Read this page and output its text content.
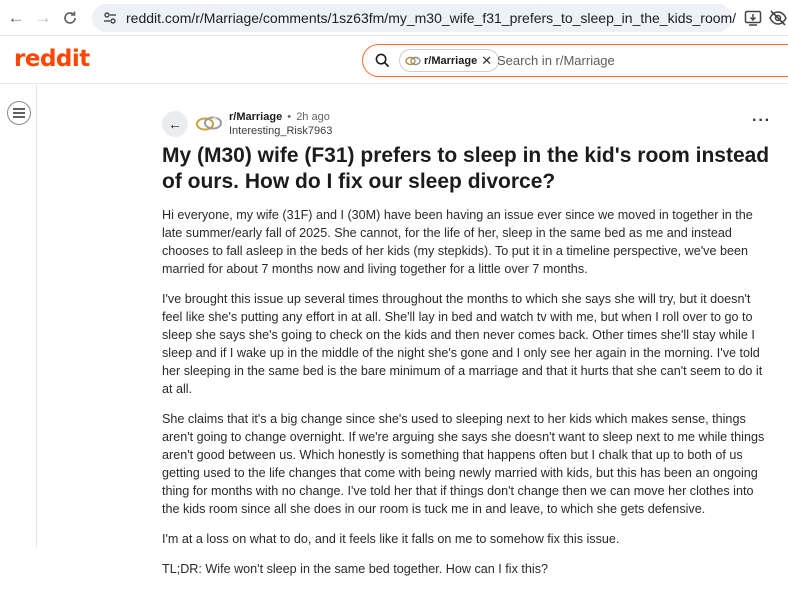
← →	reddit.com/r/Marriage/comments/1sz63fm/my_m30_wife_f31_prefers_to_sleep_in_the_kids_room/
reddit	r/Marriage ✕ Search in r/Marriage
←	r/Marriage • 2h ago
Interesting_Risk7963
···
My (M30) wife (F31) prefers to sleep in the kid's room instead of ours. How do I fix our sleep divorce?

Hi everyone, my wife (31F) and I (30M) have been having an issue ever since we moved in together in the late summer/early fall of 2025. She cannot, for the life of her, sleep in the same bed as me and instead chooses to fall asleep in the beds of her kids (my stepkids). To put it in a timeline perspective, we've been married for about 7 months now and living together for a little over 7 months.

I've brought this issue up several times throughout the months to which she says she will try, but it doesn't feel like she's putting any effort in at all. She'll lay in bed and watch tv with me, but when I roll over to go to sleep she says she's going to check on the kids and then never comes back. Other times she'll stay while I sleep and if I wake up in the middle of the night she's gone and I only see her again in the morning. I've told her sleeping in the same bed is the bare minimum of a marriage and that it hurts that she can't seem to do it at all.

She claims that it's a big change since she's used to sleeping next to her kids which makes sense, things aren't going to change overnight. If we're arguing she says she doesn't want to sleep next to me while things aren't good between us. Which honestly is something that happens often but I chalk that up to both of us getting used to the life changes that come with being newly married with kids, but this has been an ongoing thing for months with no change. I've told her that if things don't change then we can move her clothes into the kids room since all she does in our room is tuck me in and leave, to which she gets defensive.

I'm at a loss on what to do, and it feels like it falls on me to somehow fix this issue.

TL;DR: Wife won't sleep in the same bed together. How can I fix this?
